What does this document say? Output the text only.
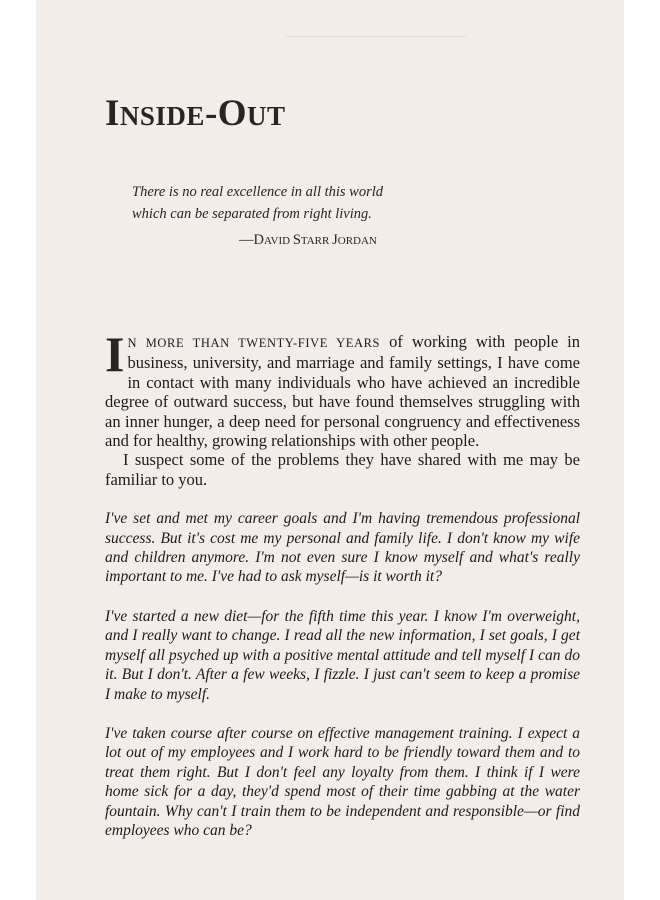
INSIDE-OUT
There is no real excellence in all this world
which can be separated from right living.
—DAVID STARR JORDAN

I N MORE THAN TWENTY-FIVE YEARS of working with people in business, university, and marriage and family settings, I have come in contact with many individuals who have achieved an incredible degree of outward success, but have found themselves struggling with an inner hunger, a deep need for personal congruency and effectiveness and for healthy, growing relationships with other people.

I suspect some of the problems they have shared with me may be familiar to you.

I've set and met my career goals and I'm having tremendous professional success. But it's cost me my personal and family life. I don't know my wife and children anymore. I'm not even sure I know myself and what's really important to me. I've had to ask myself—is it worth it?

I've started a new diet—for the fifth time this year. I know I'm overweight, and I really want to change. I read all the new information, I set goals, I get myself all psyched up with a positive mental attitude and tell myself I can do it. But I don't. After a few weeks, I fizzle. I just can't seem to keep a promise I make to myself.

I've taken course after course on effective management training. I expect a lot out of my employees and I work hard to be friendly toward them and to treat them right. But I don't feel any loyalty from them. I think if I were home sick for a day, they'd spend most of their time gabbing at the water fountain. Why can't I train them to be independent and responsible—or find employees who can be?
